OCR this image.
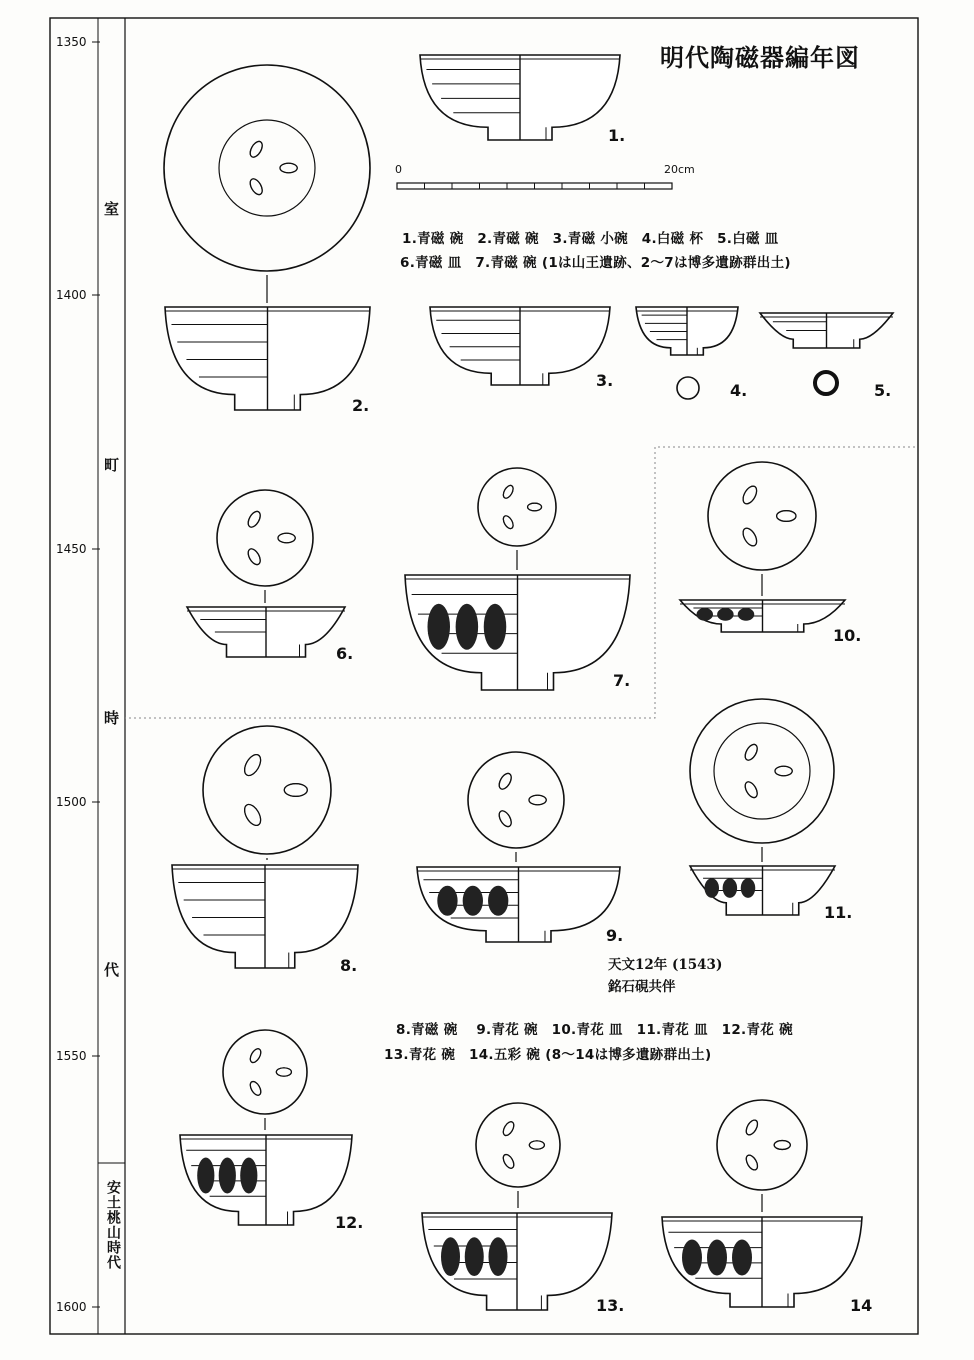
明代陶磁器編年図
1350
1400
1450
1500
1550
1600
室
町
時
代
安土桃山時代
0	20cm
1.青磁 碗　2.青磁 碗　3.青磁 小碗　4.白磁 杯　5.白磁 皿
6.青磁 皿　7.青磁 碗 (1は山王遺跡、2～7は博多遺跡群出土)
8.青磁 碗　 9.青花 碗　10.青花 皿　11.青花 皿　12.青花 碗
13.青花 碗　14.五彩 碗 (8～14は博多遺跡群出土)
天文12年 (1543)
銘石硯共伴
1.
2.
3.
4.	5.
6.
7.
8.
9.
10.
11.
12.
13.	14
